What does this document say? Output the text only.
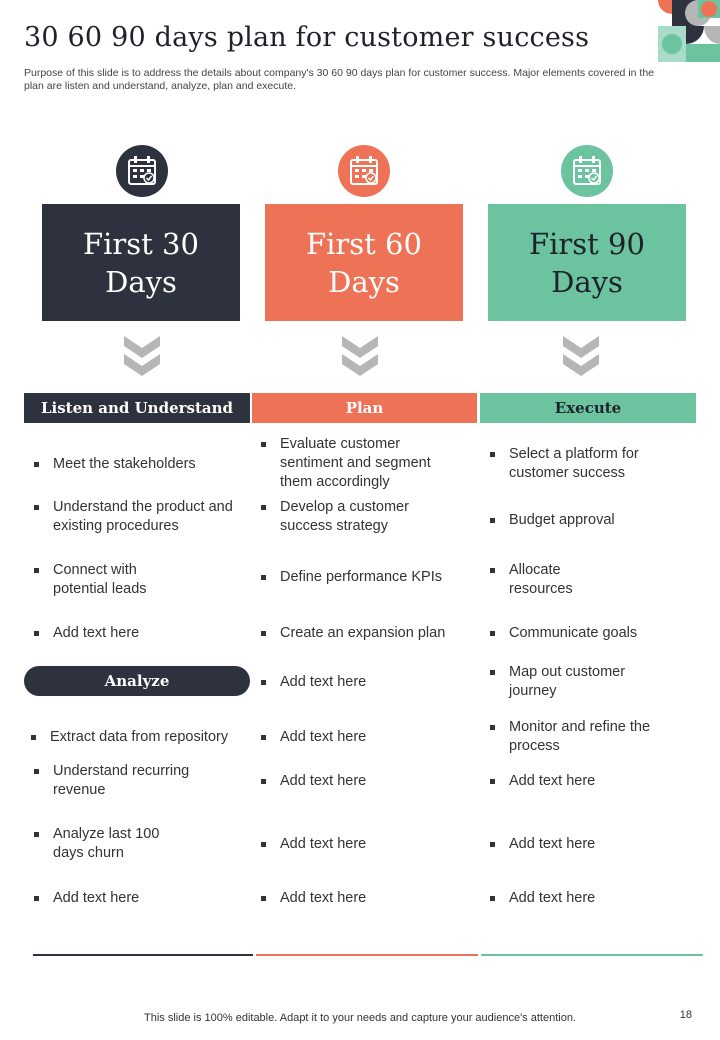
30 60 90 days plan for customer success
Purpose of this slide is to address the details about company's 30 60 90 days plan for customer success. Major elements covered in the plan are listen and understand, analyze, plan and execute.
First 30
Days
First 60
Days
First 90
Days
Listen and Understand	Plan	Execute
Meet the stakeholders
Understand the product and existing procedures
Connect with potential leads
Add text here
Analyze
Extract data from repository
Understand recurring revenue
Analyze last 100 days churn
Add text here
Evaluate customer sentiment and segment them accordingly
Develop a customer success strategy
Define performance KPIs
Create an expansion plan
Add text here
Add text here
Add text here
Add text here
Add text here
Select a platform for customer success
Budget approval
Allocate resources
Communicate goals
Map out customer journey
Monitor and refine the process
Add text here
Add text here
Add text here
This slide is 100% editable. Adapt it to your needs and capture your audience's attention.	18
